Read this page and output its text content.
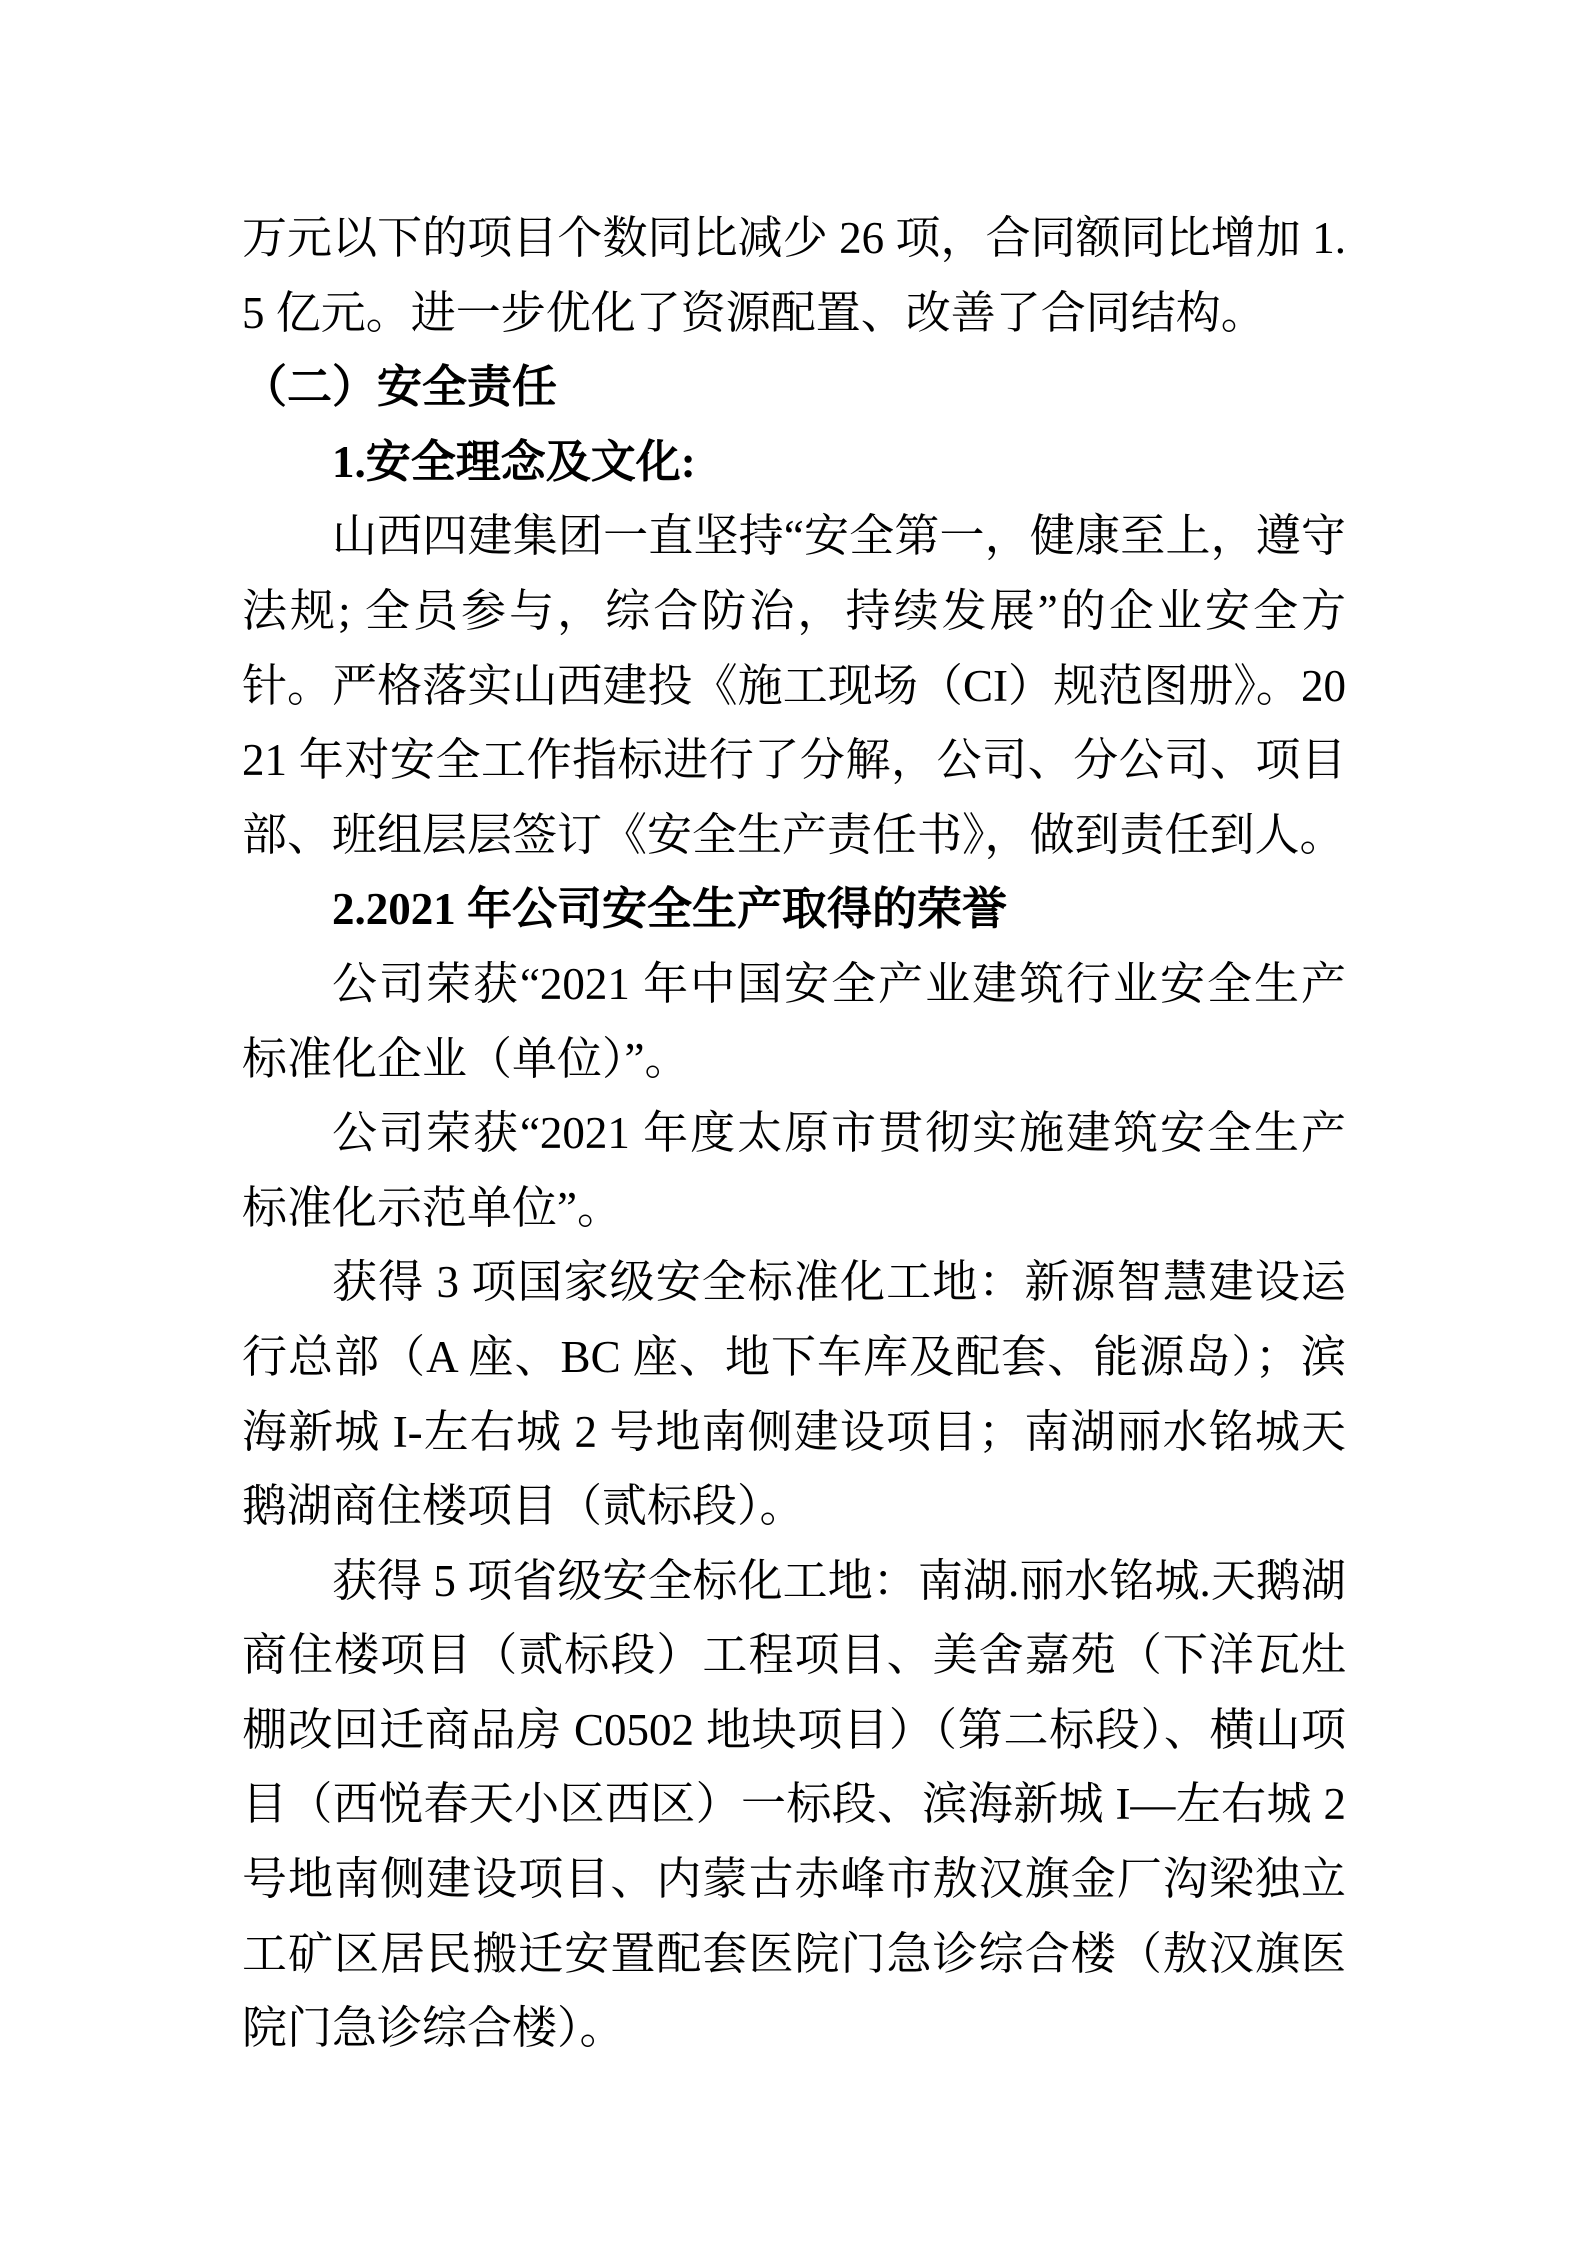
万元以下的项目个数同比减少 26 项，合同额同比增加 1.5 亿元。进一步优化了资源配置、改善了合同结构。

（二）安全责任

1.安全理念及文化:

山西四建集团一直坚持“安全第一，健康至上，遵守法规; 全员参与，综合防治，持续发展”的企业安全方针。严格落实山西建投《施工现场（CI）规范图册》。2021 年对安全工作指标进行了分解，公司、分公司、项目部、班组层层签订《安全生产责任书》，做到责任到人。

2.2021 年公司安全生产取得的荣誉

公司荣获“2021 年中国安全产业建筑行业安全生产标准化企业（单位）”。

公司荣获“2021 年度太原市贯彻实施建筑安全生产标准化示范单位”。

获得 3 项国家级安全标准化工地：新源智慧建设运行总部（A 座、BC 座、地下车库及配套、能源岛）；滨海新城 I-左右城 2 号地南侧建设项目；南湖丽水铭城天鹅湖商住楼项目（贰标段）。

获得 5 项省级安全标化工地：南湖.丽水铭城.天鹅湖商住楼项目（贰标段）工程项目、美舍嘉苑（下洋瓦灶棚改回迁商品房 C0502 地块项目）（第二标段）、横山项目（西悦春天小区西区）一标段、滨海新城 I—左右城 2 号地南侧建设项目、内蒙古赤峰市敖汉旗金厂沟梁独立工矿区居民搬迁安置配套医院门急诊综合楼（敖汉旗医院门急诊综合楼）。
